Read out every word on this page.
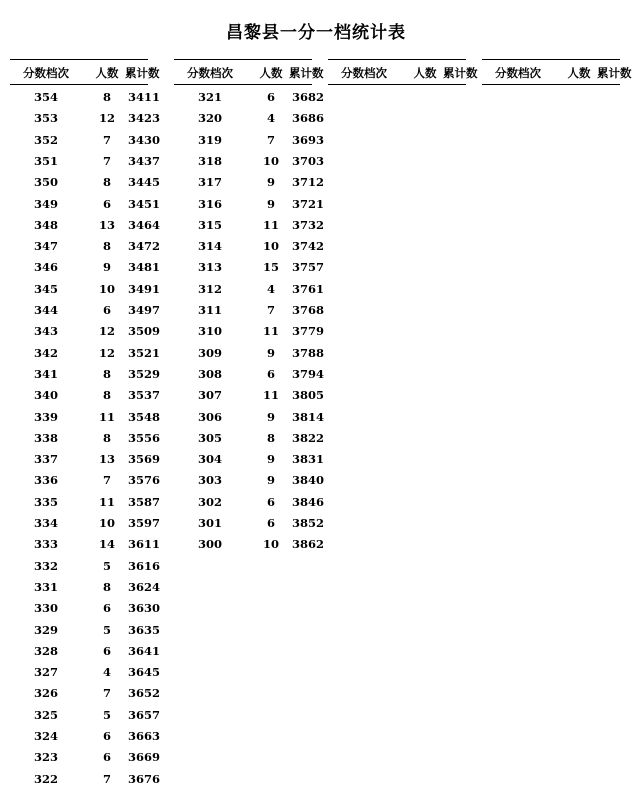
昌黎县一分一档统计表
分数档次	人数 累计数
354	8	3411
353	12	3423
352	7	3430
351	7	3437
350	8	3445
349	6	3451
348	13	3464
347	8	3472
346	9	3481
345	10	3491
344	6	3497
343	12	3509
342	12	3521
341	8	3529
340	8	3537
339	11	3548
338	8	3556
337	13	3569
336	7	3576
335	11	3587
334	10	3597
333	14	3611
332	5	3616
331	8	3624
330	6	3630
329	5	3635
328	6	3641
327	4	3645
326	7	3652
325	5	3657
324	6	3663
323	6	3669
322	7	3676
分数档次	人数 累计数
321	6	3682
320	4	3686
319	7	3693
318	10	3703
317	9	3712
316	9	3721
315	11	3732
314	10	3742
313	15	3757
312	4	3761
311	7	3768
310	11	3779
309	9	3788
308	6	3794
307	11	3805
306	9	3814
305	8	3822
304	9	3831
303	9	3840
302	6	3846
301	6	3852
300	10	3862
分数档次	人数 累计数	分数档次	人数 累计数
